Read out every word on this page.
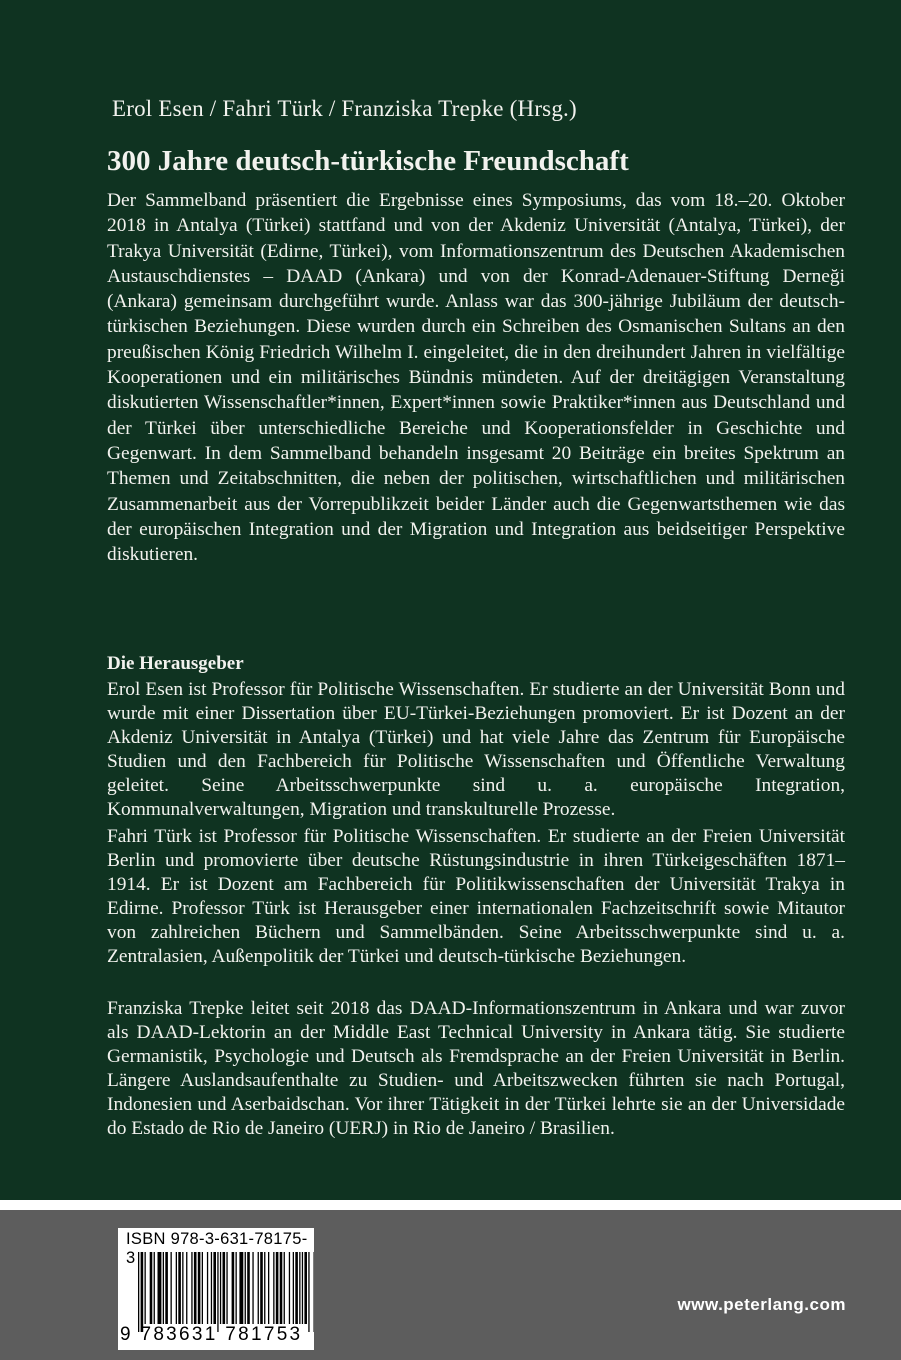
Erol Esen / Fahri Türk / Franziska Trepke (Hrsg.)
300 Jahre deutsch-türkische Freundschaft

Der Sammelband präsentiert die Ergebnisse eines Symposiums, das vom 18.–20. Oktober 2018 in Antalya (Türkei) stattfand und von der Akdeniz Universität (Antalya, Türkei), der Trakya Universität (Edirne, Türkei), vom Informationszentrum des Deutschen Akademischen Austauschdienstes – DAAD (Ankara) und von der Konrad-Adenauer-Stiftung Derneği (Ankara) gemeinsam durchgeführt wurde. Anlass war das 300-jährige Jubiläum der deutsch-türkischen Beziehungen. Diese wurden durch ein Schreiben des Osmanischen Sultans an den preußischen König Friedrich Wilhelm I. eingeleitet, die in den dreihundert Jahren in vielfältige Kooperationen und ein militärisches Bündnis mündeten. Auf der dreitägigen Veranstaltung diskutierten Wissenschaftler*innen, Expert*innen sowie Praktiker*innen aus Deutschland und der Türkei über unterschiedliche Bereiche und Kooperationsfelder in Geschichte und Gegenwart. In dem Sammelband behandeln insgesamt 20 Beiträge ein breites Spektrum an Themen und Zeitabschnitten, die neben der politischen, wirtschaftlichen und militärischen Zusammenarbeit aus der Vorrepublikzeit beider Länder auch die Gegenwartsthemen wie das der europäischen Integration und der Migration und Integration aus beidseitiger Perspektive diskutieren.

Die Herausgeber

Erol Esen ist Professor für Politische Wissenschaften. Er studierte an der Universität Bonn und wurde mit einer Dissertation über EU-Türkei-Beziehungen promoviert. Er ist Dozent an der Akdeniz Universität in Antalya (Türkei) und hat viele Jahre das Zentrum für Europäische Studien und den Fachbereich für Politische Wissenschaften und Öffentliche Verwaltung geleitet. Seine Arbeitsschwerpunkte sind u. a. europäische Integration, Kommunalverwaltungen, Migration und transkulturelle Prozesse.

Fahri Türk ist Professor für Politische Wissenschaften. Er studierte an der Freien Universität Berlin und promovierte über deutsche Rüstungsindustrie in ihren Türkeigeschäften 1871–1914. Er ist Dozent am Fachbereich für Politikwissenschaften der Universität Trakya in Edirne. Professor Türk ist Herausgeber einer internationalen Fachzeitschrift sowie Mitautor von zahlreichen Büchern und Sammelbänden. Seine Arbeitsschwerpunkte sind u. a. Zentralasien, Außenpolitik der Türkei und deutsch-türkische Beziehungen.

Franziska Trepke leitet seit 2018 das DAAD-Informationszentrum in Ankara und war zuvor als DAAD-Lektorin an der Middle East Technical University in Ankara tätig. Sie studierte Germanistik, Psychologie und Deutsch als Fremdsprache an der Freien Universität in Berlin. Längere Auslandsaufenthalte zu Studien- und Arbeitszwecken führten sie nach Portugal, Indonesien und Aserbaidschan. Vor ihrer Tätigkeit in der Türkei lehrte sie an der Universidade do Estado de Rio de Janeiro (UERJ) in Rio de Janeiro / Brasilien.

ISBN 978-3-631-78175-3
9 783631 781753
www.peterlang.com
